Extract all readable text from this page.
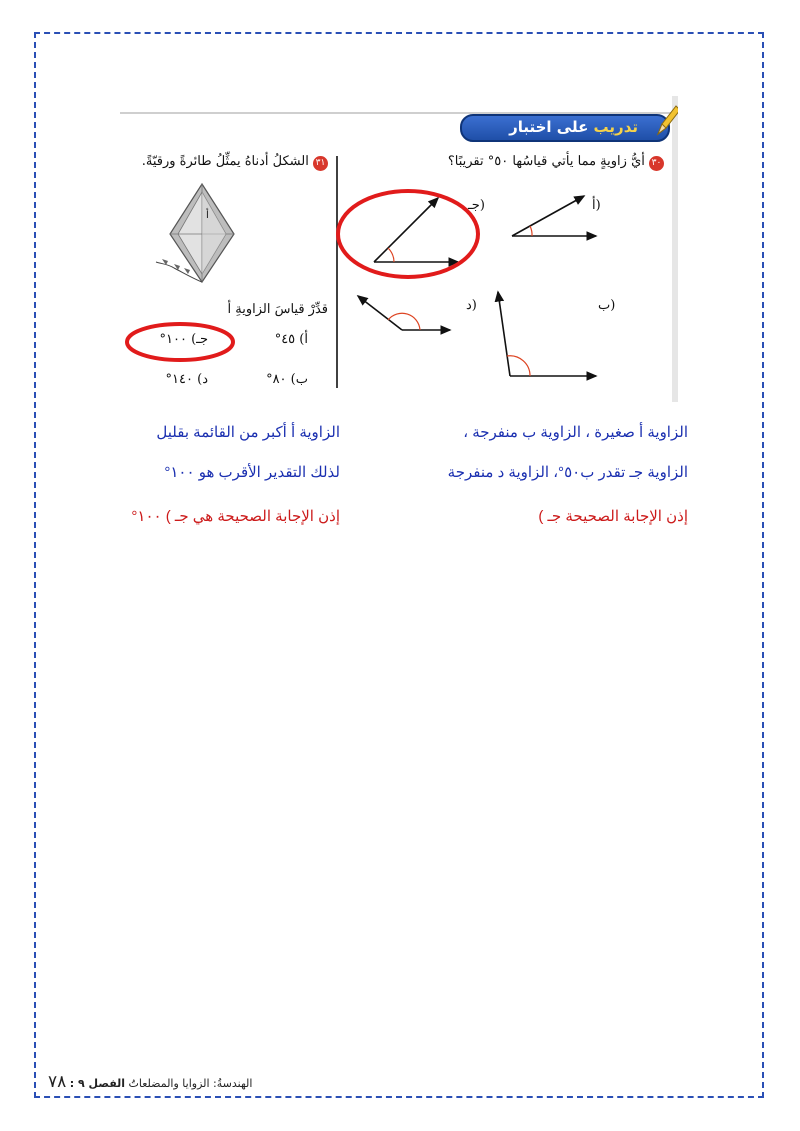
تدريب على اختبار
٣٠ أيُّ زاويةٍ مما يأتي قياسُها ٥٠° تقريبًا؟
أ)
جـ)
ب)
د)
أ
٣١ الشكلُ أدناهُ يمثِّلُ طائرةً ورقيّةً.
قدِّرْ قياسَ الزاويةِ أ
أ) ٤٥°
جـ) ١٠٠°
ب) ٨٠°
د) ١٤٠°
الزاوية أ صغيرة ، الزاوية ب منفرجة ،
الزاوية جـ تقدر ب٥٠°، الزاوية د منفرجة
إذن الإجابة الصحيحة جـ )
الزاوية أ أكبر من القائمة بقليل
لذلك التقدير الأقرب هو ١٠٠°
إذن الإجابة الصحيحة هي جـ ) ١٠٠°
الهندسةُ: الزوايا والمضلعاتُ الفصل ٩ : ٧٨
